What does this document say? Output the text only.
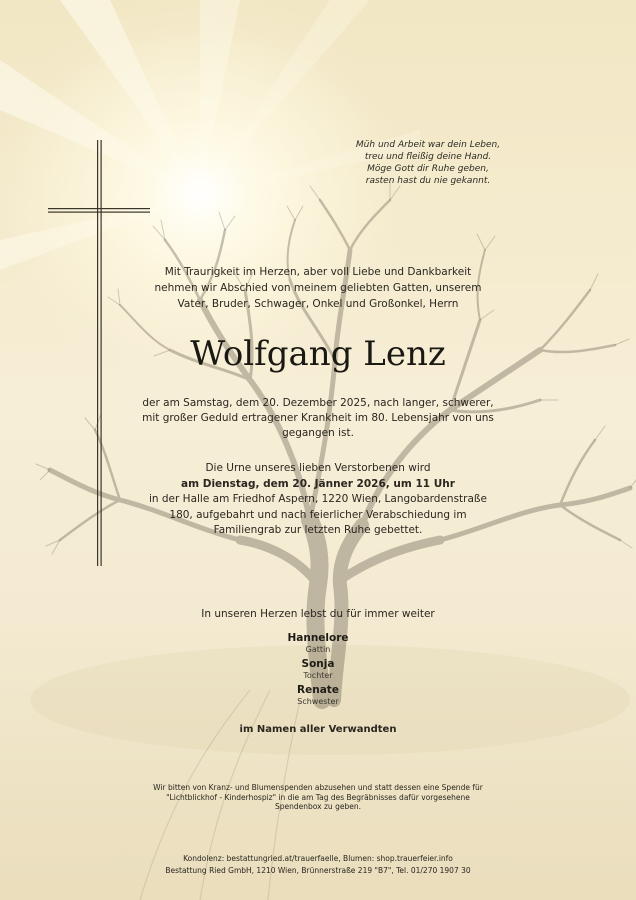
Müh und Arbeit war dein Leben,
treu und fleißig deine Hand.
Möge Gott dir Ruhe geben,
rasten hast du nie gekannt.
Mit Traurigkeit im Herzen, aber voll Liebe und Dankbarkeit
nehmen wir Abschied von meinem geliebten Gatten, unserem
Vater, Bruder, Schwager, Onkel und Großonkel, Herrn
Wolfgang Lenz
der am Samstag, dem 20. Dezember 2025, nach langer, schwerer,
mit großer Geduld ertragener Krankheit im 80. Lebensjahr von uns
gegangen ist.
Die Urne unseres lieben Verstorbenen wird
am Dienstag, dem 20. Jänner 2026, um 11 Uhr
in der Halle am Friedhof Aspern, 1220 Wien, Langobardenstraße
180, aufgebahrt und nach feierlicher Verabschiedung im
Familiengrab zur letzten Ruhe gebettet.
In unseren Herzen lebst du für immer weiter
Hannelore
Gattin
Sonja
Tochter
Renate
Schwester
im Namen aller Verwandten
Wir bitten von Kranz- und Blumenspenden abzusehen und statt dessen eine Spende für
"Lichtblickhof - Kinderhospiz" in die am Tag des Begräbnisses dafür vorgesehene
Spendenbox zu geben.
Kondolenz: bestattungried.at/trauerfaelle, Blumen: shop.trauerfeier.info
Bestattung Ried GmbH, 1210 Wien, Brünnerstraße 219 "B7", Tel. 01/270 1907 30
